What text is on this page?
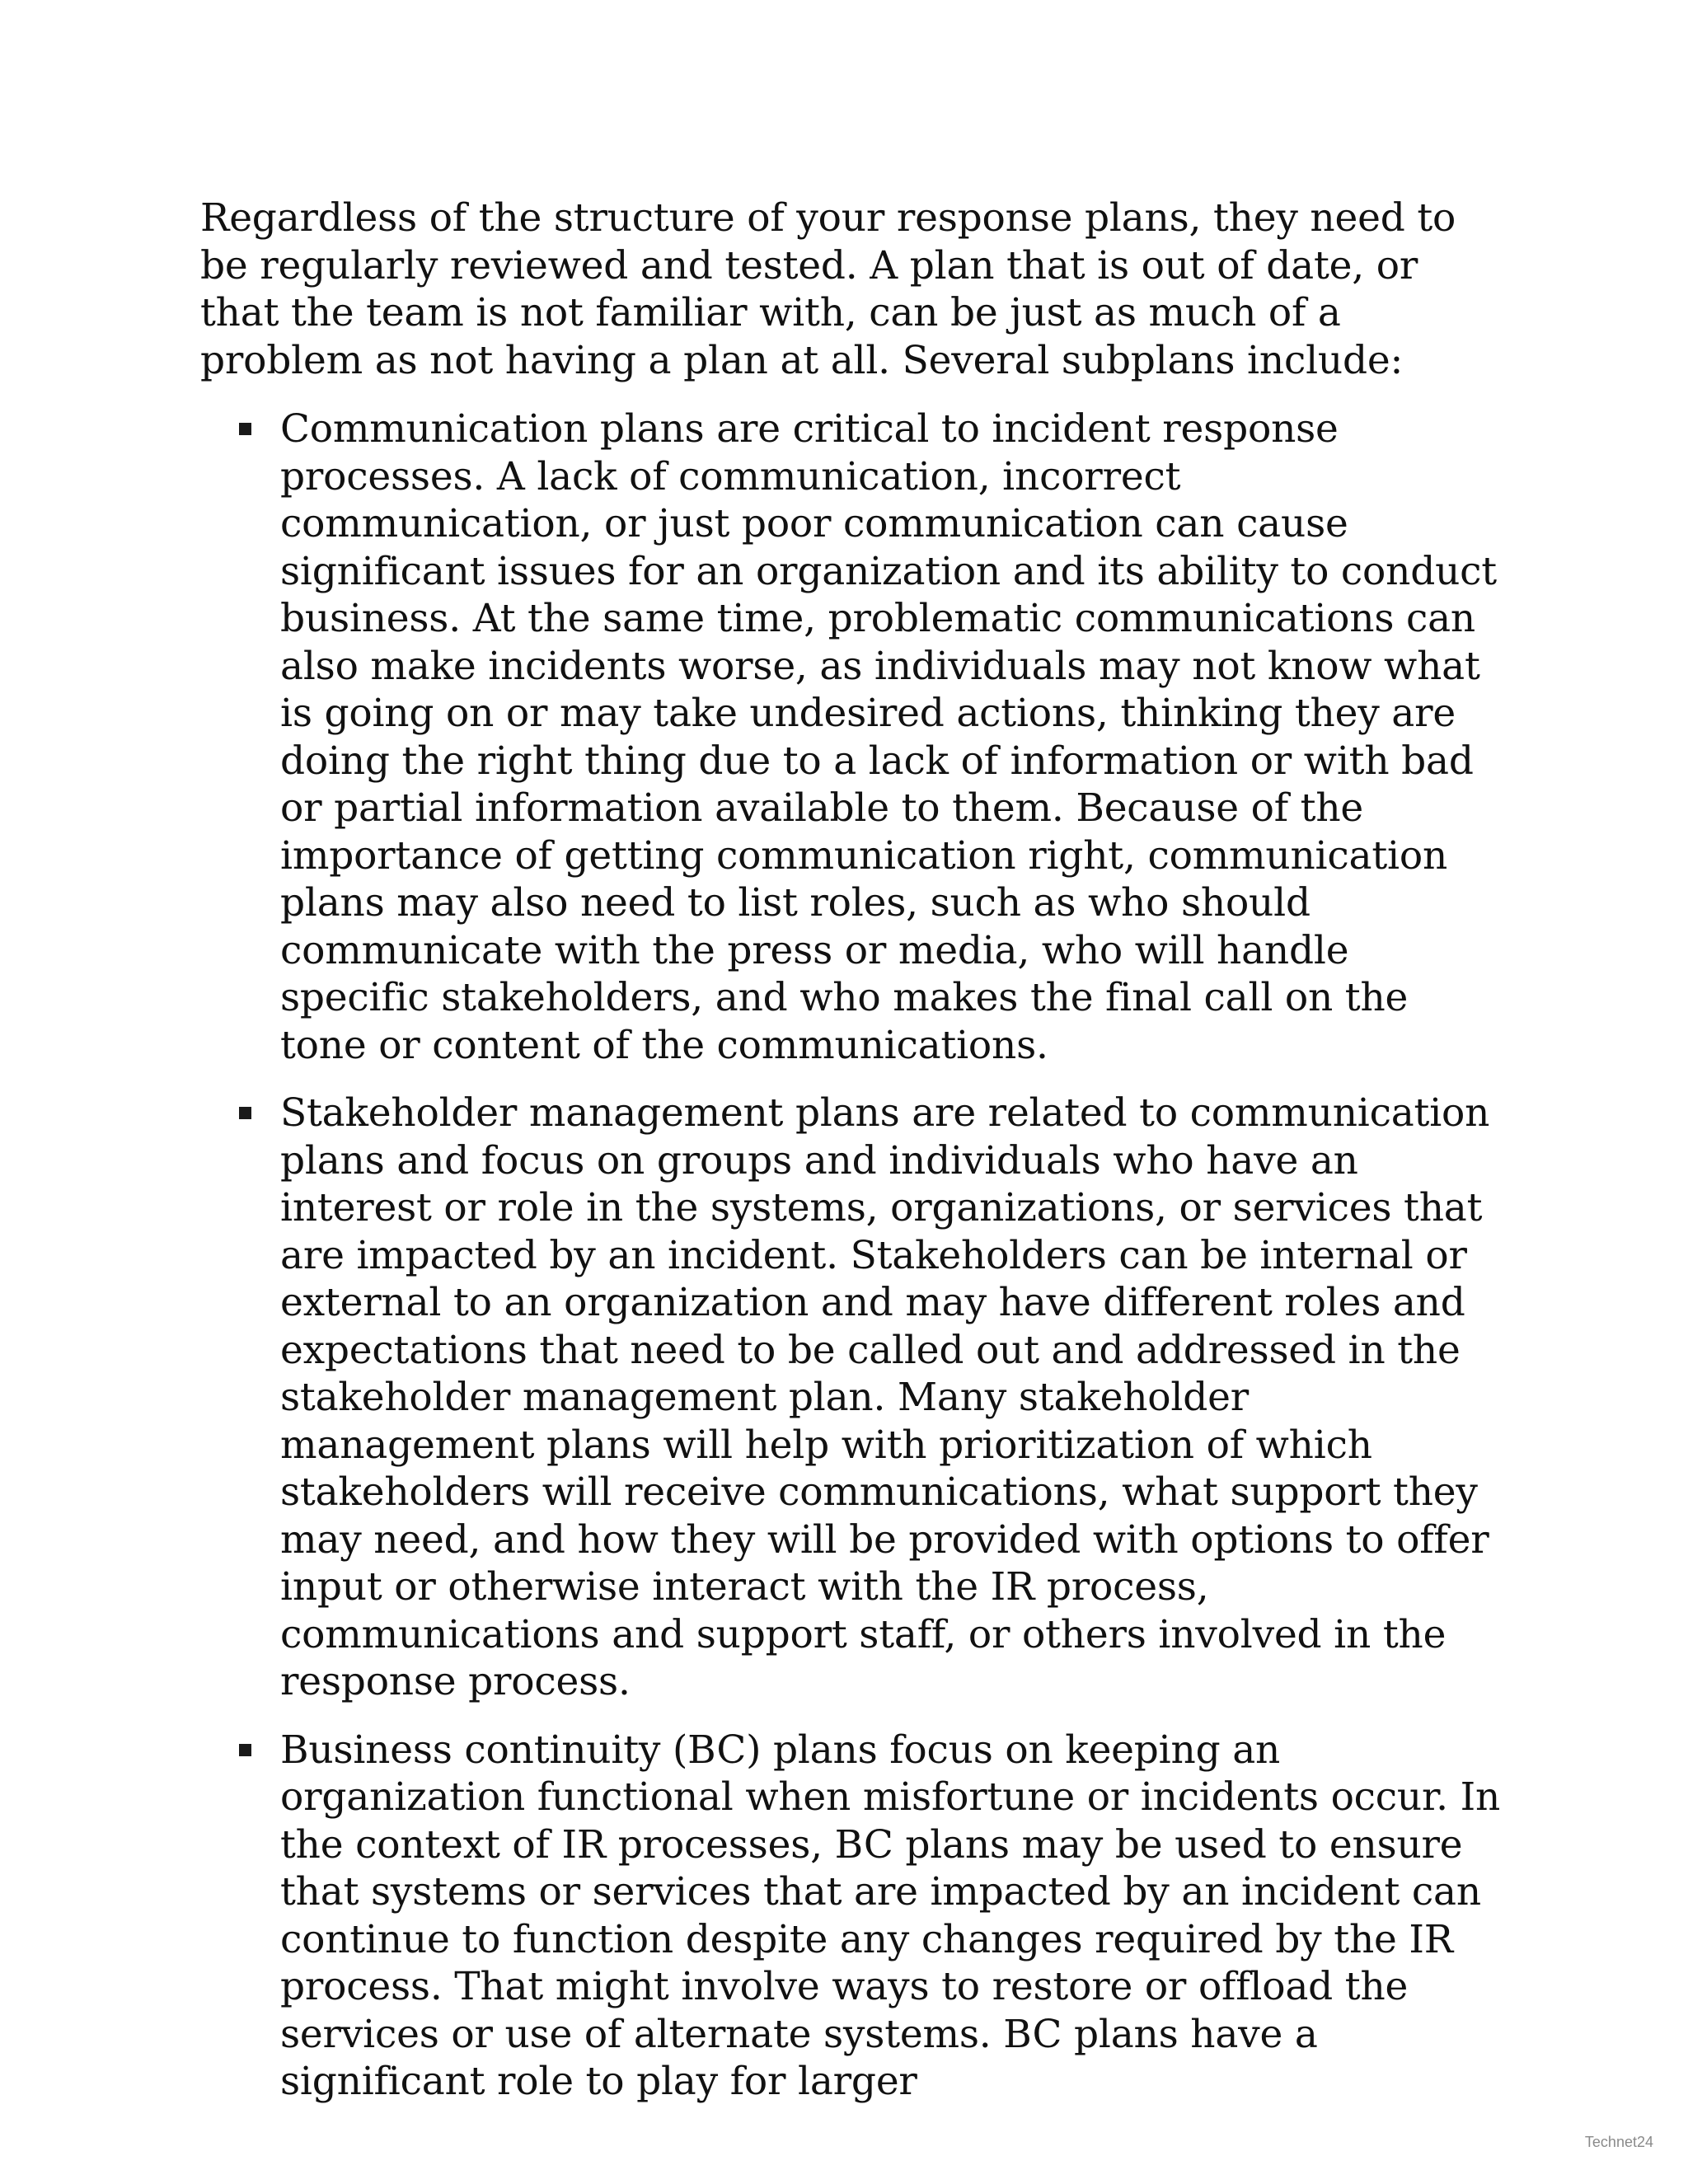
Regardless of the structure of your response plans, they need to be regularly reviewed and tested. A plan that is out of date, or that the team is not familiar with, can be just as much of a problem as not having a plan at all. Several subplans include:

Communication plans are critical to incident response processes. A lack of communication, incorrect communication, or just poor communication can cause significant issues for an organization and its ability to conduct business. At the same time, problematic communications can also make incidents worse, as individuals may not know what is going on or may take undesired actions, thinking they are doing the right thing due to a lack of information or with bad or partial information available to them. Because of the importance of getting communication right, communication plans may also need to list roles, such as who should communicate with the press or media, who will handle specific stakeholders, and who makes the final call on the tone or content of the communications.
Stakeholder management plans are related to communication plans and focus on groups and individuals who have an interest or role in the systems, organizations, or services that are impacted by an incident. Stakeholders can be internal or external to an organization and may have different roles and expectations that need to be called out and addressed in the stakeholder management plan. Many stakeholder management plans will help with prioritization of which stakeholders will receive communications, what support they may need, and how they will be provided with options to offer input or otherwise interact with the IR process, communications and support staff, or others involved in the response process.
Business continuity (BC) plans focus on keeping an organization functional when misfortune or incidents occur. In the context of IR processes, BC plans may be used to ensure that systems or services that are impacted by an incident can continue to function despite any changes required by the IR process. That might involve ways to restore or offload the services or use of alternate systems. BC plans have a significant role to play for larger
Technet24
